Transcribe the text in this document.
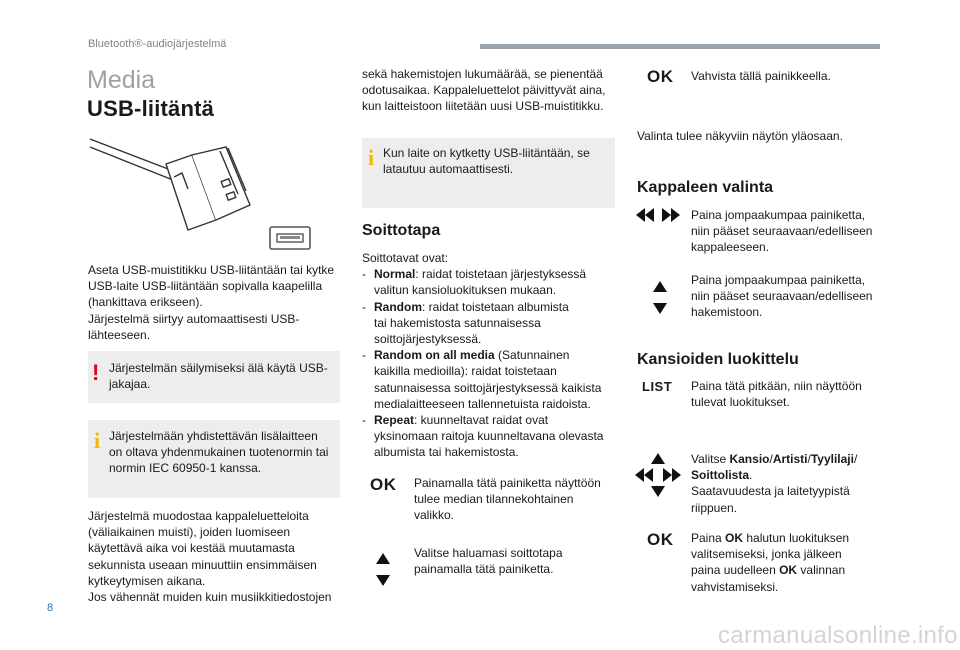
Bluetooth®-audiojärjestelmä
Media
USB-liitäntä

Aseta USB-muistitikku USB-liitäntään tai kytke

USB-laite USB-liitäntään sopivalla kaapelilla

(hankittava erikseen).

Järjestelmä siirtyy automaattisesti USB-

lähteeseen.

! Järjestelmän säilymiseksi älä käytä USB-

jakajaa.

i Järjestelmään yhdistettävän lisälaitteen

on oltava yhdenmukainen tuotenormin tai

normin IEC 60950-1 kanssa.

Järjestelmä muodostaa kappaleluetteloita

(väliaikainen muisti), joiden luomiseen

käytettävä aika voi kestää muutamasta

sekunnista useaan minuuttiin ensimmäisen

kytkeytymisen aikana.

Jos vähennät muiden kuin musiikkitiedostojen

sekä hakemistojen lukumäärää, se pienentää

odotusaikaa. Kappaleluettelot päivittyvät aina,

kun laitteistoon liitetään uusi USB-muistitikku.

i Kun laite on kytketty USB-liitäntään, se

latautuu automaattisesti.

Soittotapa

Soittotavat ovat:

- Normal: raidat toistetaan järjestyksessä

valitun kansioluokituksen mukaan.

- Random: raidat toistetaan albumista

tai hakemistosta satunnaisessa

soittojärjestyksessä.

- Random on all media (Satunnainen

kaikilla medioilla): raidat toistetaan

satunnaisessa soittojärjestyksessä kaikista

medialaitteeseen tallennetuista raidoista.

- Repeat: kuunneltavat raidat ovat

yksinomaan raitoja kuunneltavana olevasta

albumista tai hakemistosta.

OK Painamalla tätä painiketta näyttöön

tulee median tilannekohtainen

valikko.

Valitse haluamasi soittotapa

painamalla tätä painiketta.

OK Vahvista tällä painikkeella.

Valinta tulee näkyviin näytön yläosaan.

Kappaleen valinta

Paina jompaakumpaa painiketta,

niin pääset seuraavaan/edelliseen

kappaleeseen.

Paina jompaakumpaa painiketta,

niin pääset seuraavaan/edelliseen

hakemistoon.

Kansioiden luokittelu
LIST Paina tätä pitkään, niin näyttöön

tulevat luokitukset.

Valitse Kansio/Artisti/Tyylilaji/

Soittolista.

Saatavuudesta ja laitetyypistä

riippuen.

OK Paina OK halutun luokituksen

valitsemiseksi, jonka jälkeen

paina uudelleen OK valinnan

vahvistamiseksi.

8
carmanualsonline.info
